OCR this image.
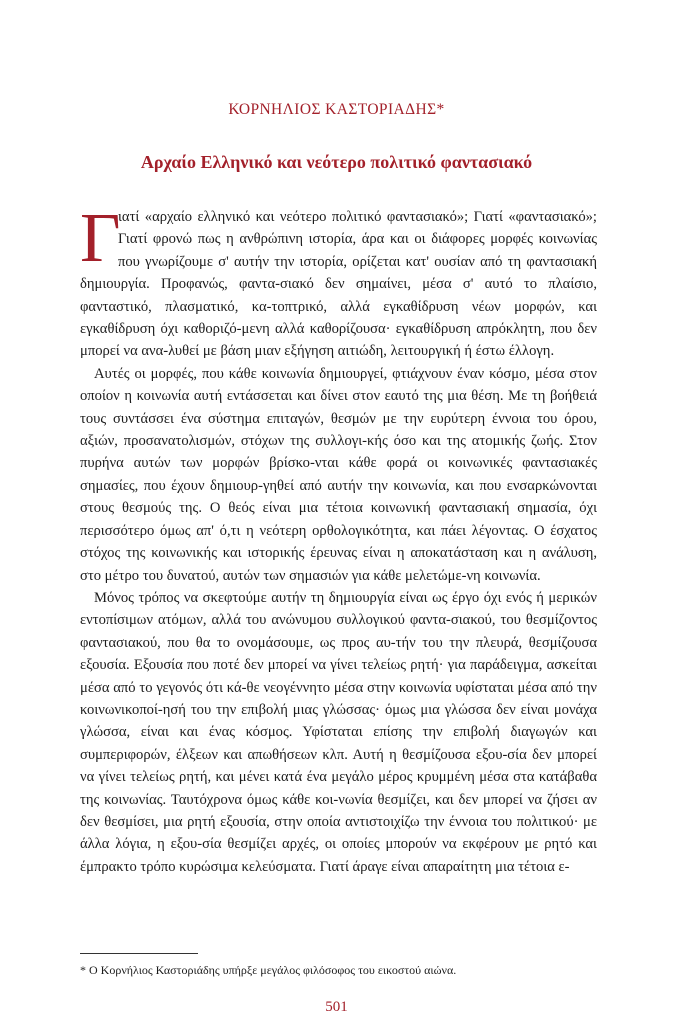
ΚΟΡΝΗΛΙΟΣ ΚΑΣΤΟΡΙΑΔΗΣ*
Αρχαίο Ελληνικό και νεότερο πολιτικό φαντασιακό

Γ
ιατί «αρχαίο ελληνικό και νεότερο πολιτικό φαντασιακό»; Γιατί «φαντασιακό»; Γιατί φρονώ πως η ανθρώπινη ιστορία, άρα και οι διάφορες μορφές κοινωνίας που γνωρίζουμε σ' αυτήν την ιστορία, ορίζεται κατ' ουσίαν από τη φαντασιακή δημιουργία. Προφανώς, φαντα-σιακό δεν σημαίνει, μέσα σ' αυτό το πλαίσιο, φανταστικό, πλασματικό, κα-τοπτρικό, αλλά εγκαθίδρυση νέων μορφών, και εγκαθίδρυση όχι καθοριζό-μενη αλλά καθορίζουσα· εγκαθίδρυση απρόκλητη, που δεν μπορεί να ανα-λυθεί με βάση μιαν εξήγηση αιτιώδη, λειτουργική ή έστω έλλογη.

Αυτές οι μορφές, που κάθε κοινωνία δημιουργεί, φτιάχνουν έναν κόσμο, μέσα στον οποίον η κοινωνία αυτή εντάσσεται και δίνει στον εαυτό της μια θέση. Με τη βοήθειά τους συντάσσει ένα σύστημα επιταγών, θεσμών με την ευρύτερη έννοια του όρου, αξιών, προσανατολισμών, στόχων της συλλογι-κής όσο και της ατομικής ζωής. Στον πυρήνα αυτών των μορφών βρίσκο-νται κάθε φορά οι κοινωνικές φαντασιακές σημασίες, που έχουν δημιουρ-γηθεί από αυτήν την κοινωνία, και που ενσαρκώνονται στους θεσμούς της. Ο θεός είναι μια τέτοια κοινωνική φαντασιακή σημασία, όχι περισσότερο όμως απ' ό,τι η νεότερη ορθολογικότητα, και πάει λέγοντας. Ο έσχατος στόχος της κοινωνικής και ιστορικής έρευνας είναι η αποκατάσταση και η ανάλυση, στο μέτρο του δυνατού, αυτών των σημασιών για κάθε μελετώμε-νη κοινωνία.

Μόνος τρόπος να σκεφτούμε αυτήν τη δημιουργία είναι ως έργο όχι ενός ή μερικών εντοπίσιμων ατόμων, αλλά του ανώνυμου συλλογικού φαντα-σιακού, του θεσμίζοντος φαντασιακού, που θα το ονομάσουμε, ως προς αυ-τήν του την πλευρά, θεσμίζουσα εξουσία. Εξουσία που ποτέ δεν μπορεί να γίνει τελείως ρητή· για παράδειγμα, ασκείται μέσα από το γεγονός ότι κά-θε νεογέννητο μέσα στην κοινωνία υφίσταται μέσα από την κοινωνικοποί-ησή του την επιβολή μιας γλώσσας· όμως μια γλώσσα δεν είναι μονάχα γλώσσα, είναι και ένας κόσμος. Υφίσταται επίσης την επιβολή διαγωγών και συμπεριφορών, έλξεων και απωθήσεων κλπ. Αυτή η θεσμίζουσα εξου-σία δεν μπορεί να γίνει τελείως ρητή, και μένει κατά ένα μεγάλο μέρος κρυμμένη μέσα στα κατάβαθα της κοινωνίας. Ταυτόχρονα όμως κάθε κοι-νωνία θεσμίζει, και δεν μπορεί να ζήσει αν δεν θεσμίσει, μια ρητή εξουσία, στην οποία αντιστοιχίζω την έννοια του πολιτικού· με άλλα λόγια, η εξου-σία θεσμίζει αρχές, οι οποίες μπορούν να εκφέρουν με ρητό και έμπρακτο τρόπο κυρώσιμα κελεύσματα. Γιατί άραγε είναι απαραίτητη μια τέτοια ε-

* Ο Κορνήλιος Καστοριάδης υπήρξε μεγάλος φιλόσοφος του εικοστού αιώνα.
501
